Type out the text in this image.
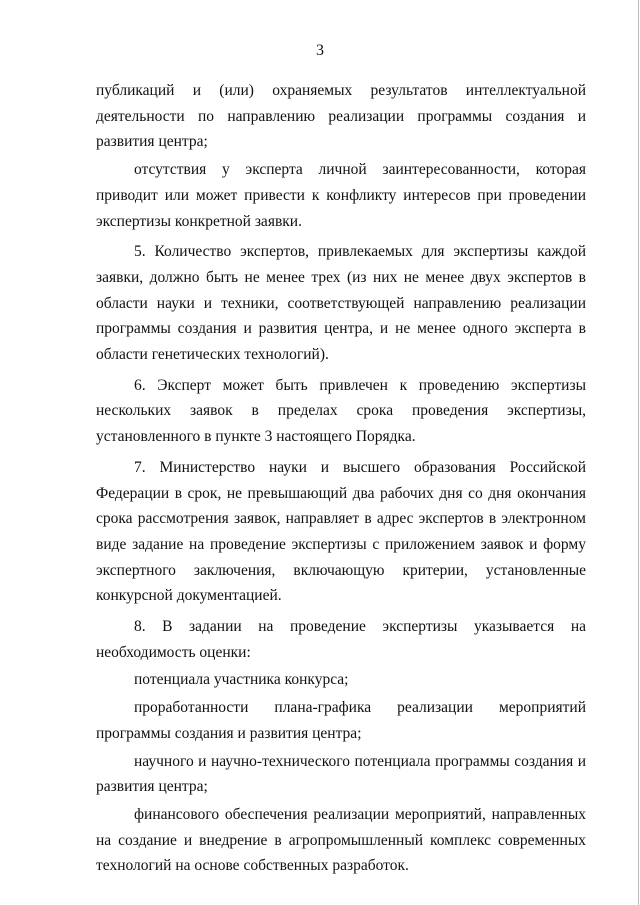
3

публикаций и (или) охраняемых результатов интеллектуальной деятельности по направлению реализации программы создания и развития центра;

отсутствия у эксперта личной заинтересованности, которая приводит или может привести к конфликту интересов при проведении экспертизы конкретной заявки.

5. Количество экспертов, привлекаемых для экспертизы каждой заявки, должно быть не менее трех (из них не менее двух экспертов в области науки и техники, соответствующей направлению реализации программы создания и развития центра, и не менее одного эксперта в области генетических технологий).

6. Эксперт может быть привлечен к проведению экспертизы нескольких заявок в пределах срока проведения экспертизы, установленного в пункте 3 настоящего Порядка.

7. Министерство науки и высшего образования Российской Федерации в срок, не превышающий два рабочих дня со дня окончания срока рассмотрения заявок, направляет в адрес экспертов в электронном виде задание на проведение экспертизы с приложением заявок и форму экспертного заключения, включающую критерии, установленные конкурсной документацией.

8. В задании на проведение экспертизы указывается на необходимость оценки:

потенциала участника конкурса;

проработанности плана-графика реализации мероприятий программы создания и развития центра;

научного и научно-технического потенциала программы создания и развития центра;

финансового обеспечения реализации мероприятий, направленных на создание и внедрение в агропромышленный комплекс современных технологий на основе собственных разработок.
